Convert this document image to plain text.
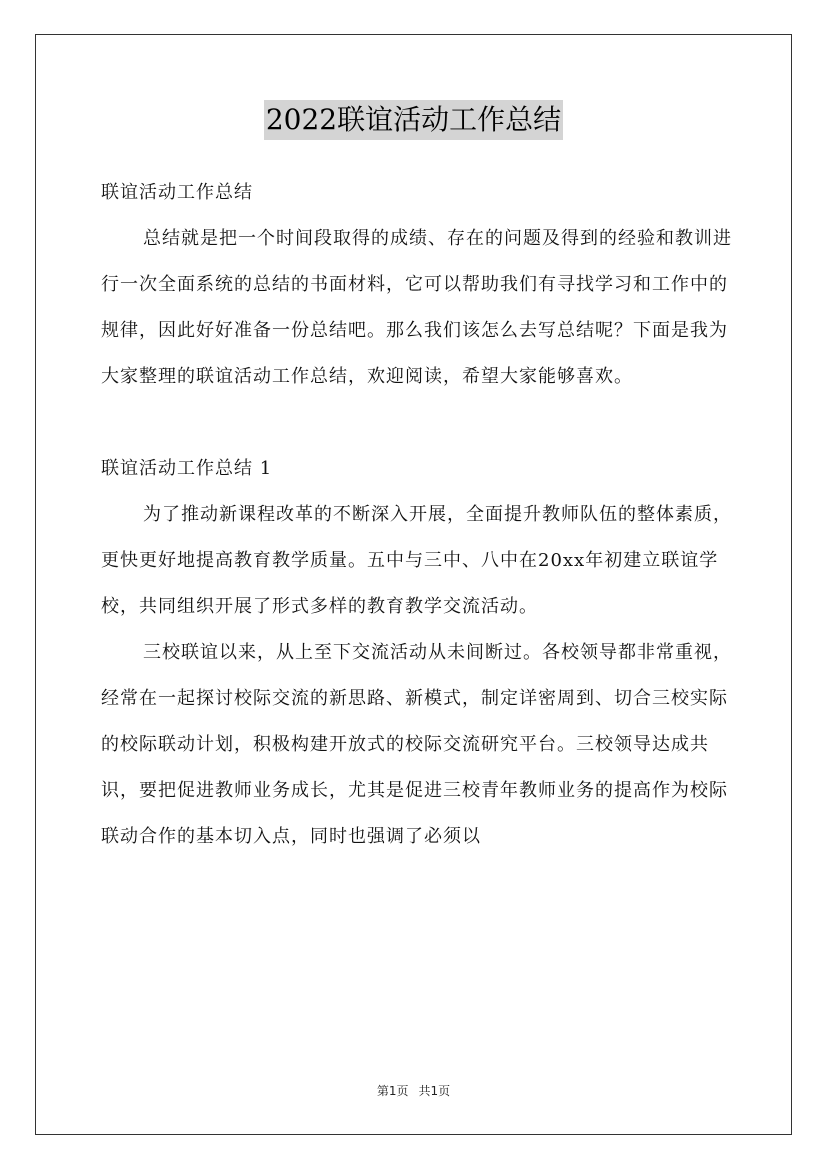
2022联谊活动工作总结

联谊活动工作总结

总结就是把一个时间段取得的成绩、存在的问题及得到的经验和教训进行一次全面系统的总结的书面材料，它可以帮助我们有寻找学习和工作中的规律，因此好好准备一份总结吧。那么我们该怎么去写总结呢？下面是我为大家整理的联谊活动工作总结，欢迎阅读，希望大家能够喜欢。

联谊活动工作总结 1

为了推动新课程改革的不断深入开展，全面提升教师队伍的整体素质，更快更好地提高教育教学质量。五中与三中、八中在20xx年初建立联谊学校，共同组织开展了形式多样的教育教学交流活动。

三校联谊以来，从上至下交流活动从未间断过。各校领导都非常重视，经常在一起探讨校际交流的新思路、新模式，制定详密周到、切合三校实际的校际联动计划，积极构建开放式的校际交流研究平台。三校领导达成共识，要把促进教师业务成长，尤其是促进三校青年教师业务的提高作为校际联动合作的基本切入点，同时也强调了必须以

第1页 共1页
